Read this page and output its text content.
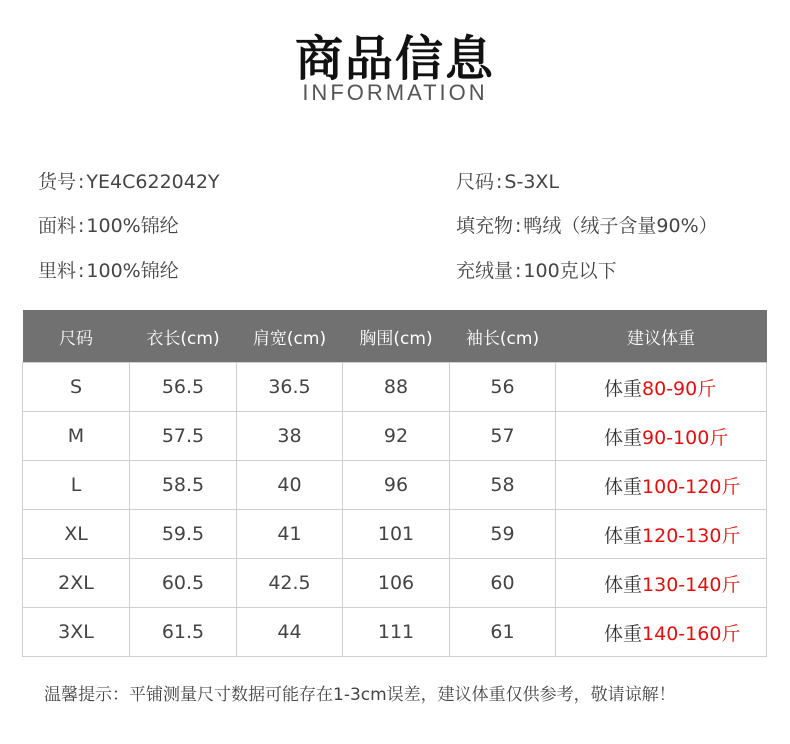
商品信息
INFORMATION
货号 : YE4C622042Y
面料 : 100%锦纶
里料 : 100%锦纶
尺码 : S-3XL
填充物 : 鸭绒（绒子含量90%）
充绒量 : 100克以下
尺码	衣长(cm)	肩宽(cm)	胸围(cm)	袖长(cm)	建议体重
S	56.5	36.5	88	56	体重80-90斤
M	57.5	38	92	57	体重90-100斤
L	58.5	40	96	58	体重100-120斤
XL	59.5	41	101	59	体重120-130斤
2XL	60.5	42.5	106	60	体重130-140斤
3XL	61.5	44	111	61	体重140-160斤
温馨提示：平铺测量尺寸数据可能存在1-3cm误差，建议体重仅供参考，敬请谅解！
